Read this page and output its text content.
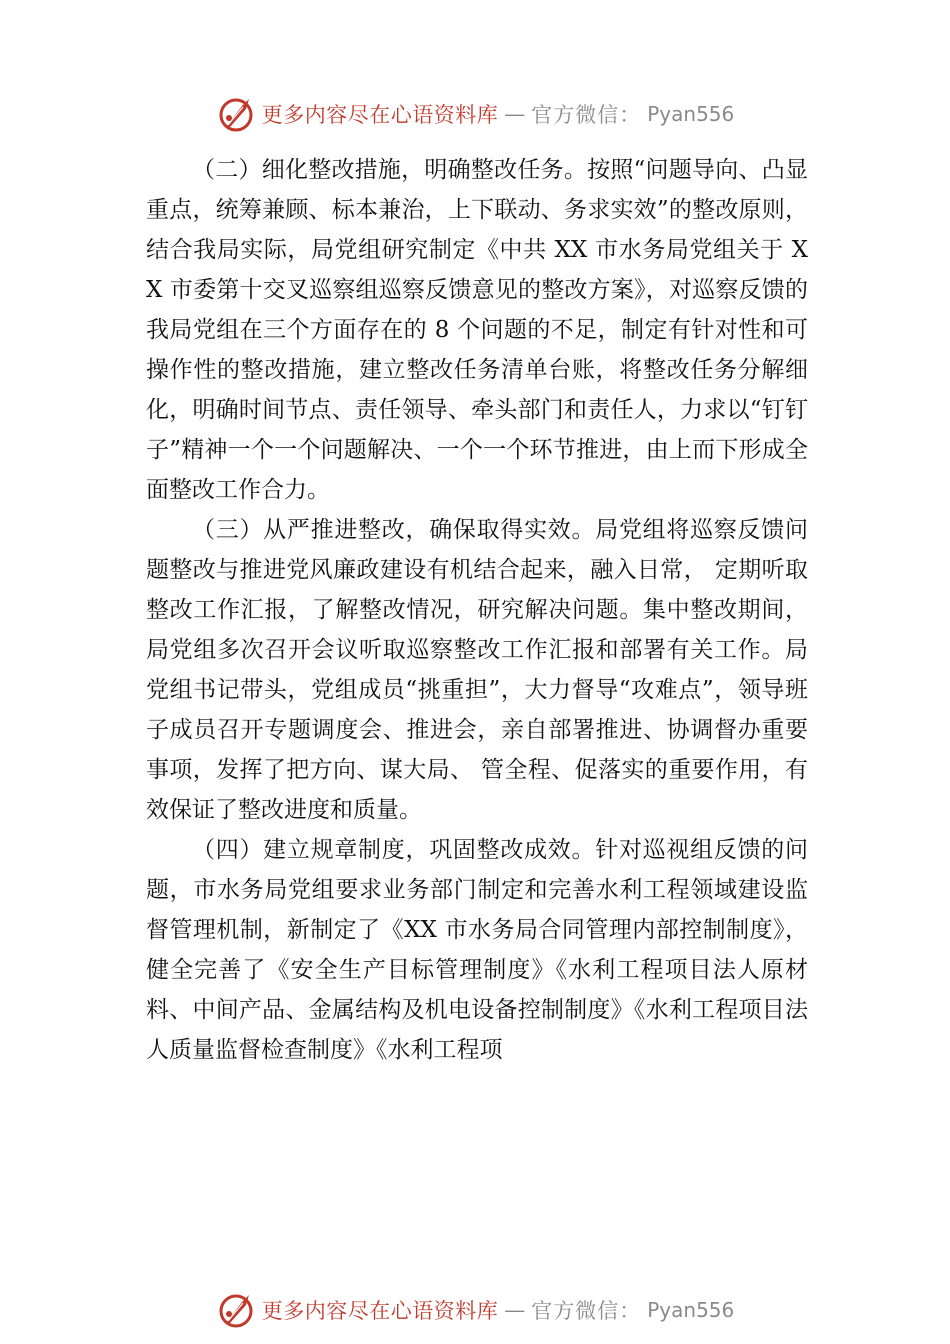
更多内容尽在心语资料库 — 官方微信： Pyan556

（二）细化整改措施，明确整改任务。按照“问题导向、凸显重点，统筹兼顾、标本兼治，上下联动、务求实效”的整改原则，结合我局实际，局党组研究制定《中共 XX 市水务局党组关于 XX 市委第十交叉巡察组巡察反馈意见的整改方案》，对巡察反馈的我局党组在三个方面存在的 8 个问题的不足，制定有针对性和可操作性的整改措施，建立整改任务清单台账，将整改任务分解细化，明确时间节点、责任领导、牵头部门和责任人，力求以“钉钉子”精神一个一个问题解决、一个一个环节推进，由上而下形成全面整改工作合力。

（三）从严推进整改，确保取得实效。局党组将巡察反馈问题整改与推进党风廉政建设有机结合起来，融入日常， 定期听取整改工作汇报，了解整改情况，研究解决问题。集中整改期间，局党组多次召开会议听取巡察整改工作汇报和部署有关工作。局党组书记带头，党组成员“挑重担”，大力督导“攻难点”，领导班子成员召开专题调度会、推进会，亲自部署推进、协调督办重要事项，发挥了把方向、谋大局、 管全程、促落实的重要作用，有效保证了整改进度和质量。

（四）建立规章制度，巩固整改成效。针对巡视组反馈的问题，市水务局党组要求业务部门制定和完善水利工程领域建设监督管理机制，新制定了《XX 市水务局合同管理内部控制制度》，健全完善了《安全生产目标管理制度》《水利工程项目法人原材料、中间产品、金属结构及机电设备控制制度》《水利工程项目法人质量监督检查制度》《水利工程项

更多内容尽在心语资料库 — 官方微信： Pyan556
